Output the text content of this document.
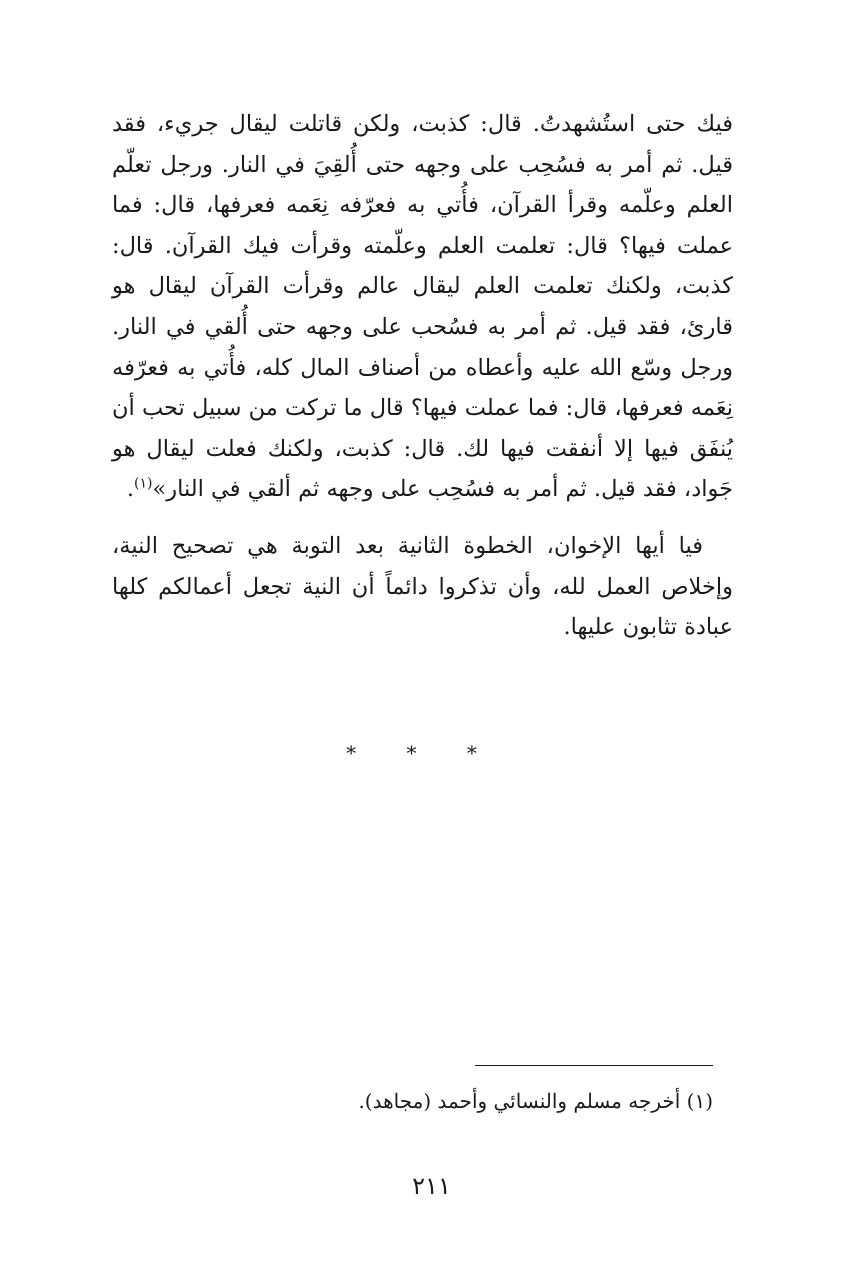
فيك حتى استُشهدتُ. قال: كذبت، ولكن قاتلت ليقال جريء، فقد قيل. ثم أمر به فسُحِب على وجهه حتى أُلقِيَ في النار. ورجل تعلّم العلم وعلّمه وقرأ القرآن، فأُتي به فعرّفه نِعَمه فعرفها، قال: فما عملت فيها؟ قال: تعلمت العلم وعلّمته وقرأت فيك القرآن. قال: كذبت، ولكنك تعلمت العلم ليقال عالم وقرأت القرآن ليقال هو قارئ، فقد قيل. ثم أمر به فسُحب على وجهه حتى أُلقي في النار. ورجل وسّع الله عليه وأعطاه من أصناف المال كله، فأُتي به فعرّفه نِعَمه فعرفها، قال: فما عملت فيها؟ قال ما تركت من سبيل تحب أن يُنفَق فيها إلا أنفقت فيها لك. قال: كذبت، ولكنك فعلت ليقال هو جَواد، فقد قيل. ثم أمر به فسُحِب على وجهه ثم ألقي في النار»$^{(١)}$.

فيا أيها الإخوان، الخطوة الثانية بعد التوبة هي تصحيح النية، وإخلاص العمل لله، وأن تذكروا دائماً أن النية تجعل أعمالكم كلها عبادة تثابون عليها.

* * *
(١) أخرجه مسلم والنسائي وأحمد (مجاهد).
٢١١
